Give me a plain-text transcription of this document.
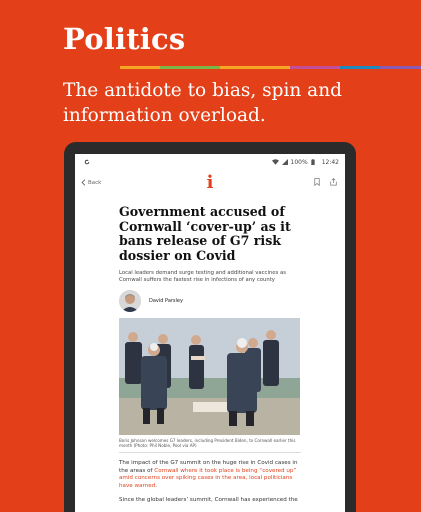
Politics
The antidote to bias, spin and information overload.
100% 12:42
Back	i
Government accused of Cornwall ‘cover-up’ as it bans release of G7 risk dossier on Covid
Local leaders demand surge testing and additional vaccines as Cornwall suffers the fastest rise in infections of any county
David Parsley
Boris Johnson welcomes G7 leaders, including President Biden, to Cornwall earlier this month (Photo: Phil Noble, Pool via AP)
The impact of the G7 summit on the huge rise in Covid cases in the areas of Cornwall where it took place is being “covered up” amid concerns over spiking cases in the area, local politicians have warned.
Since the global leaders’ summit, Cornwall has experienced the
